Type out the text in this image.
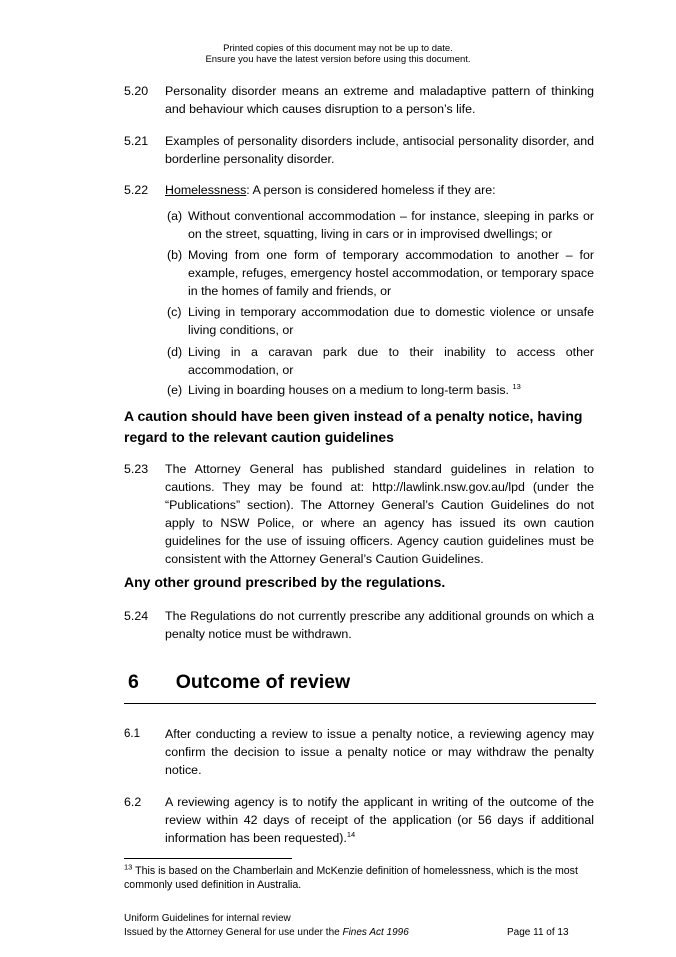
Printed copies of this document may not be up to date.
Ensure you have the latest version before using this document.
5.20 Personality disorder means an extreme and maladaptive pattern of thinking and behaviour which causes disruption to a person’s life.
5.21 Examples of personality disorders include, antisocial personality disorder, and borderline personality disorder.
5.22 Homelessness: A person is considered homeless if they are:
(a) Without conventional accommodation – for instance, sleeping in parks or on the street, squatting, living in cars or in improvised dwellings; or
(b) Moving from one form of temporary accommodation to another – for example, refuges, emergency hostel accommodation, or temporary space in the homes of family and friends, or
(c) Living in temporary accommodation due to domestic violence or unsafe living conditions, or
(d) Living in a caravan park due to their inability to access other accommodation, or
(e) Living in boarding houses on a medium to long-term basis. $^{13}$
A caution should have been given instead of a penalty notice, having regard to the relevant caution guidelines
5.23 The Attorney General has published standard guidelines in relation to cautions. They may be found at: http://lawlink.nsw.gov.au/lpd (under the “Publications” section). The Attorney General’s Caution Guidelines do not apply to NSW Police, or where an agency has issued its own caution guidelines for the use of issuing officers. Agency caution guidelines must be consistent with the Attorney General’s Caution Guidelines.
Any other ground prescribed by the regulations.
5.24 The Regulations do not currently prescribe any additional grounds on which a penalty notice must be withdrawn.
6 Outcome of review
6.1 After conducting a review to issue a penalty notice, a reviewing agency may confirm the decision to issue a penalty notice or may withdraw the penalty notice.
6.2 A reviewing agency is to notify the applicant in writing of the outcome of the review within 42 days of receipt of the application (or 56 days if additional information has been requested).$^{14}$
$^{13}$ This is based on the Chamberlain and McKenzie definition of homelessness, which is the most commonly used definition in Australia.
Uniform Guidelines for internal review
Issued by the Attorney General for use under the Fines Act 1996	Page 11 of 13
